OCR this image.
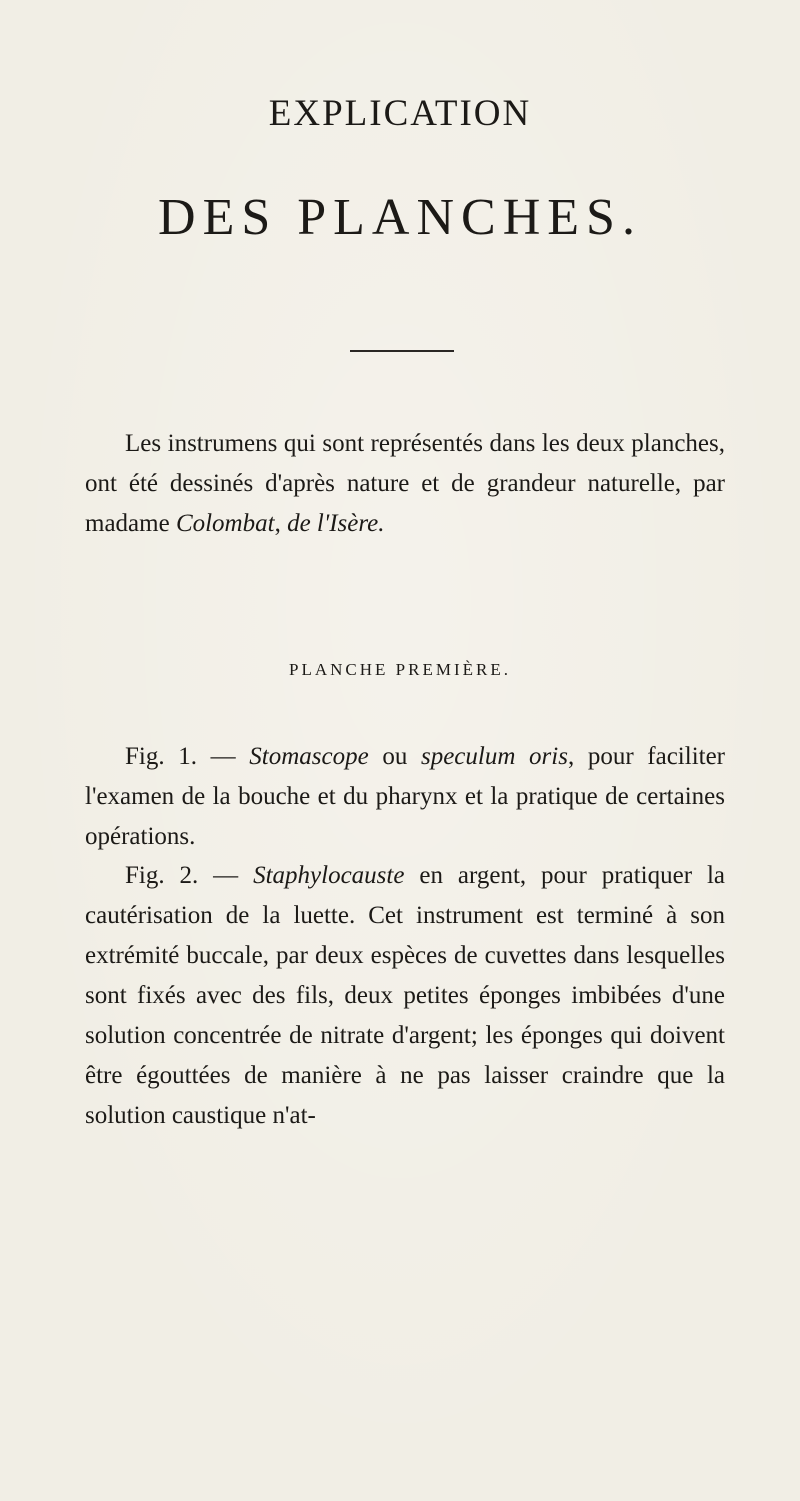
EXPLICATION
DES PLANCHES.

Les instrumens qui sont représentés dans les deux planches, ont été dessinés d'après nature et de grandeur naturelle, par madame Colombat, de l'Isère.

PLANCHE PREMIÈRE.

Fig. 1. — Stomascope ou speculum oris, pour faciliter l'examen de la bouche et du pharynx et la pratique de certaines opérations.

Fig. 2. — Staphylocauste en argent, pour pratiquer la cautérisation de la luette. Cet instrument est terminé à son extrémité buccale, par deux espèces de cuvettes dans lesquelles sont fixés avec des fils, deux petites éponges imbibées d'une solution concentrée de nitrate d'argent; les éponges qui doivent être égouttées de manière à ne pas laisser craindre que la solution caustique n'at-
